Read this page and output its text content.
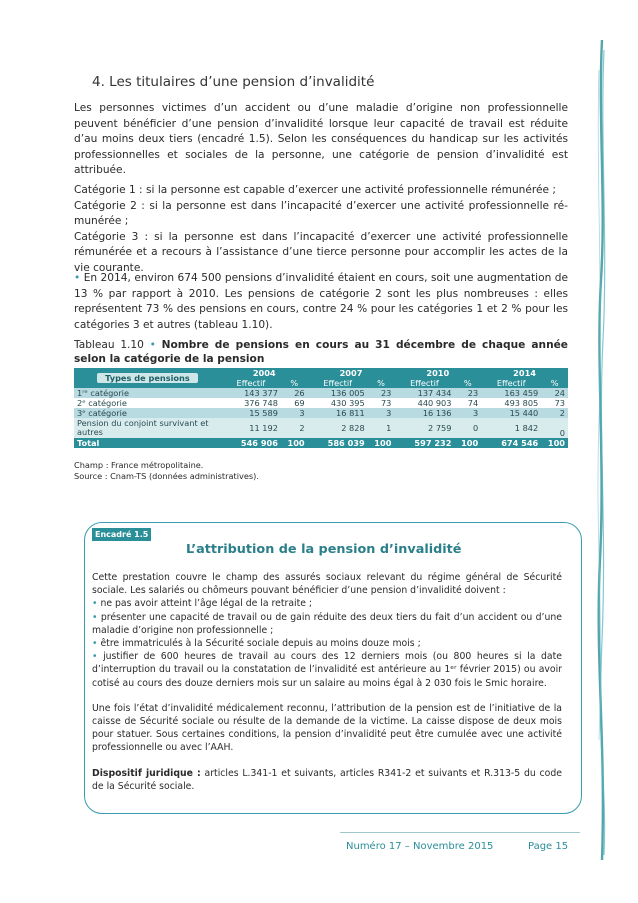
4. Les titulaires d’une pension d’invalidité

Les personnes victimes d’un accident ou d’une maladie d’origine non professionnelle peuvent bénéficier d’une pension d’invalidité lorsque leur capacité de travail est réduite d’au moins deux tiers (encadré 1.5). Selon les conséquences du handicap sur les activités professionnelles et sociales de la personne, une catégorie de pension d’invalidité est attribuée.

Catégorie 1 : si la personne est capable d’exercer une activité professionnelle rémunérée ;

Catégorie 2 : si la personne est dans l’incapacité d’exercer une activité professionnelle ré-munérée ;

Catégorie 3 : si la personne est dans l’incapacité d’exercer une activité professionnelle rémunérée et a recours à l’assistance d’une tierce personne pour accomplir les actes de la vie courante.

• En 2014, environ 674 500 pensions d’invalidité étaient en cours, soit une augmentation de 13 % par rapport à 2010. Les pensions de catégorie 2 sont les plus nombreuses : elles représentent 73 % des pensions en cours, contre 24 % pour les catégories 1 et 2 % pour les catégories 3 et autres (tableau 1.10).

Tableau 1.10 • Nombre de pensions en cours au 31 décembre de chaque année selon la catégorie de la pension
Types de pensions	2004		2007		2010		2014	
	Effectif	%	Effectif	%	Effectif	%	Effectif	%
1ʳᵉ catégorie	143 377	26	136 005	23	137 434	23	163 459	24
2ᵉ catégorie	376 748	69	430 395	73	440 903	74	493 805	73
3ᵉ catégorie	15 589	3	16 811	3	16 136	3	15 440	2
Pension du conjoint survivant et autres	11 192	2	2 828	1	2 759	0	1 842	0
Total	546 906	100	586 039	100	597 232	100	674 546	100
Champ : France métropolitaine.
Source : Cnam-TS (données administratives).
Encadré 1.5
L’attribution de la pension d’invalidité

Cette prestation couvre le champ des assurés sociaux relevant du régime général de Sécurité sociale. Les salariés ou chômeurs pouvant bénéficier d’une pension d’invalidité doivent :

• ne pas avoir atteint l’âge légal de la retraite ;

• présenter une capacité de travail ou de gain réduite des deux tiers du fait d’un accident ou d’une maladie d’origine non professionnelle ;

• être immatriculés à la Sécurité sociale depuis au moins douze mois ;

• justifier de 600 heures de travail au cours des 12 derniers mois (ou 800 heures si la date d’interruption du travail ou la constatation de l’invalidité est antérieure au 1ᵉʳ février 2015) ou avoir cotisé au cours des douze derniers mois sur un salaire au moins égal à 2 030 fois le Smic horaire.

Une fois l’état d’invalidité médicalement reconnu, l’attribution de la pension est de l’initiative de la caisse de Sécurité sociale ou résulte de la demande de la victime. La caisse dispose de deux mois pour statuer. Sous certaines conditions, la pension d’invalidité peut être cumulée avec une activité professionnelle ou avec l’AAH.

Dispositif juridique : articles L.341-1 et suivants, articles R341-2 et suivants et R.313-5 du code de la Sécurité sociale.

Numéro 17 – Novembre 2015	Page 15
